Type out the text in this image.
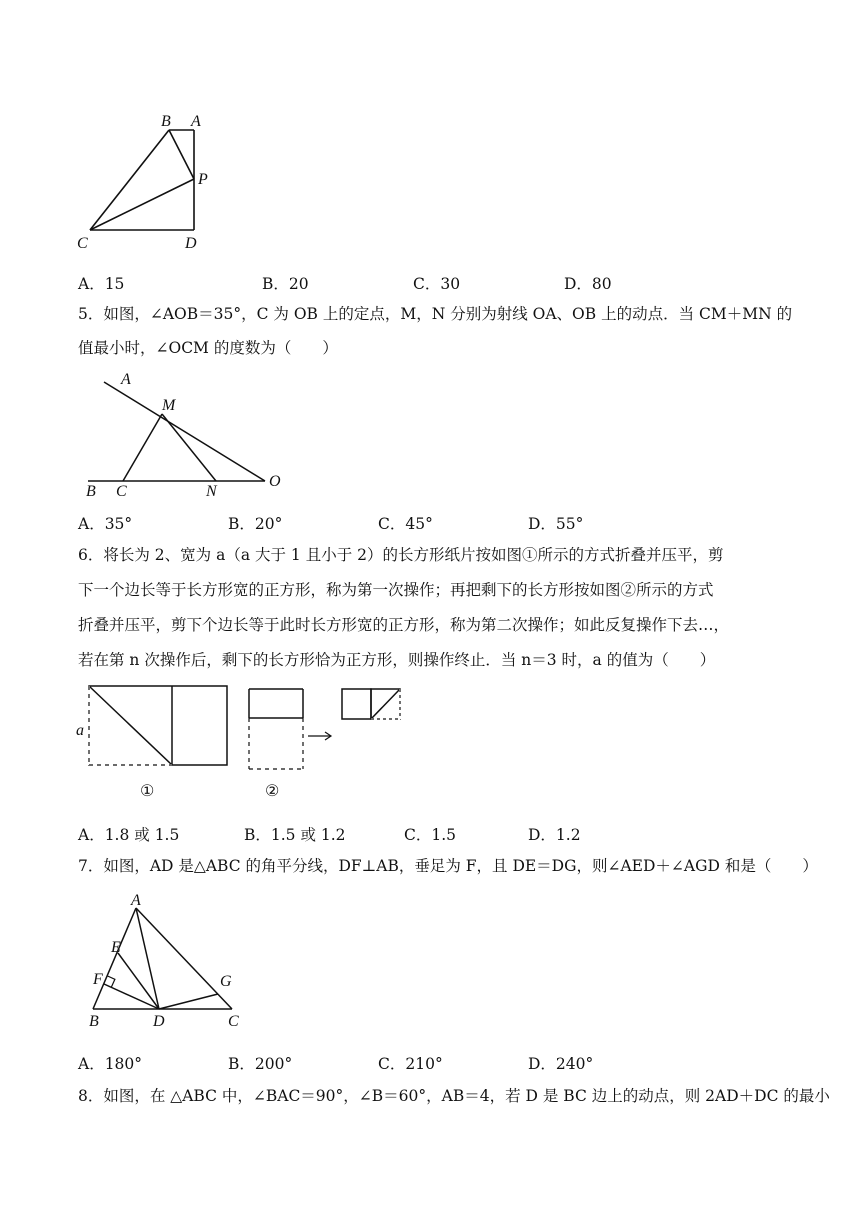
B A
P
C	D
A．15	B．20	C．30	D．80
5．如图，∠AOB＝35°，C 为 OB 上的定点，M，N 分别为射线 OA、OB 上的动点．当 CM＋MN 的
值最小时，∠OCM 的度数为（　　）
A
M
B C	N
O
A．35°	B．20°	C．45°	D．55°
6．将长为 2、宽为 a（a 大于 1 且小于 2）的长方形纸片按如图①所示的方式折叠并压平，剪
下一个边长等于长方形宽的正方形，称为第一次操作；再把剩下的长方形按如图②所示的方式
折叠并压平，剪下个边长等于此时长方形宽的正方形，称为第二次操作；如此反复操作下去…，
若在第 n 次操作后，剩下的长方形恰为正方形，则操作终止．当 n＝3 时，a 的值为（　　）
a
①	②
A．1.8 或 1.5	B．1.5 或 1.2	C．1.5	D．1.2
7．如图，AD 是△ABC 的角平分线，DF⊥AB，垂足为 F，且 DE＝DG，则∠AED＋∠AGD 和是（　　）
A
E
F	G
B	D	C
A．180°	B．200°	C．210°	D．240°
8．如图，在 △ABC 中，∠BAC＝90°，∠B＝60°，AB＝4，若 D 是 BC 边上的动点，则 2AD＋DC 的最小
